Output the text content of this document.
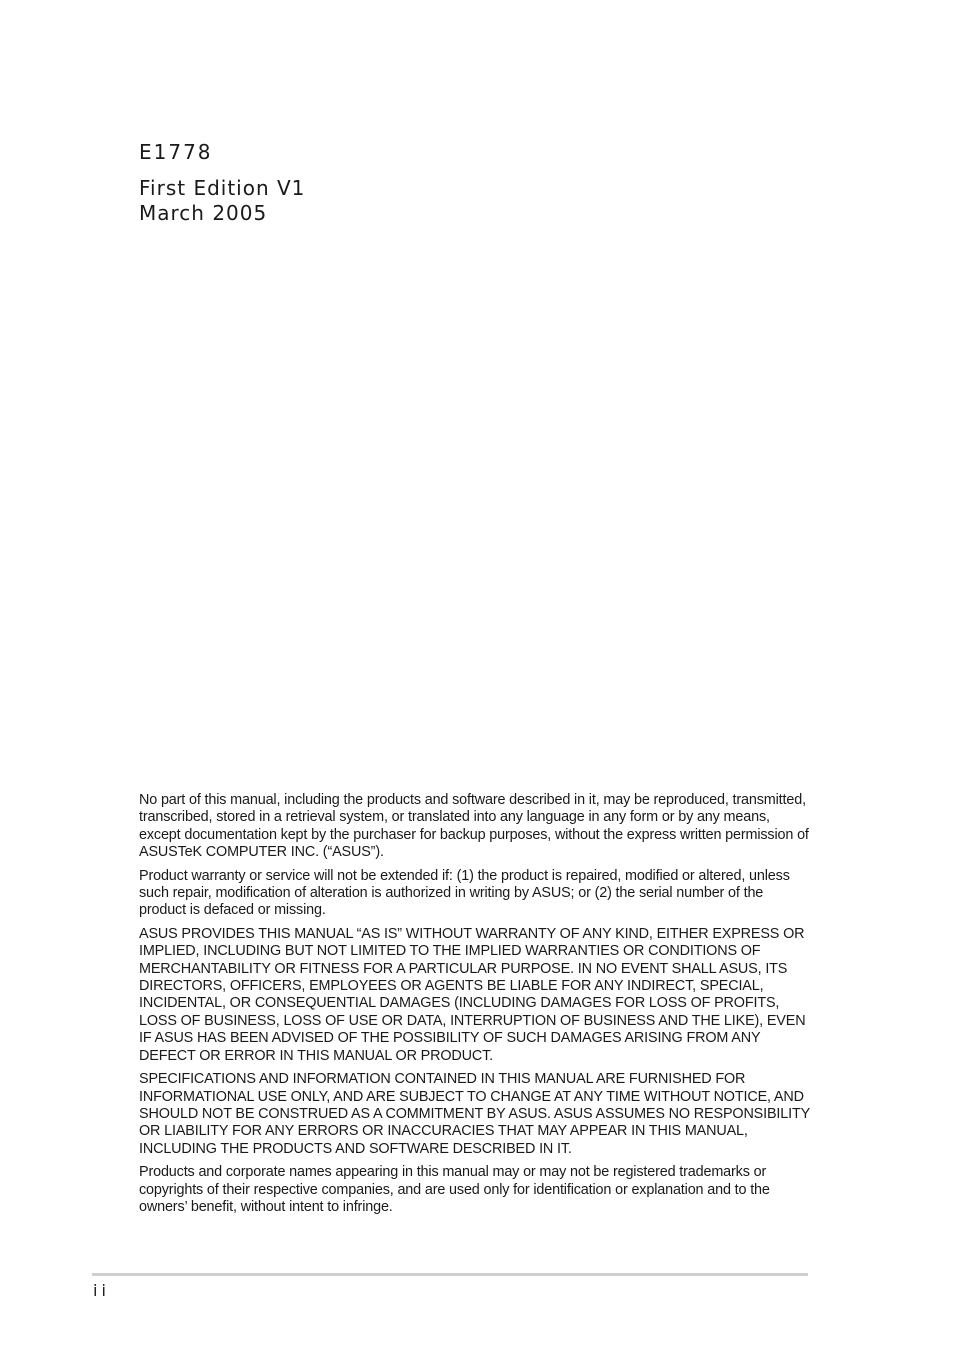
E1778
First Edition V1
March 2005

No part of this manual, including the products and software described in it, may be reproduced, transmitted, transcribed, stored in a retrieval system, or translated into any language in any form or by any means, except documentation kept by the purchaser for backup purposes, without the express written permission of ASUSTeK COMPUTER INC. (“ASUS”).

Product warranty or service will not be extended if: (1) the product is repaired, modified or altered, unless such repair, modification of alteration is authorized in writing by ASUS; or (2) the serial number of the product is defaced or missing.

ASUS PROVIDES THIS MANUAL “AS IS” WITHOUT WARRANTY OF ANY KIND, EITHER EXPRESS OR IMPLIED, INCLUDING BUT NOT LIMITED TO THE IMPLIED WARRANTIES OR CONDITIONS OF MERCHANTABILITY OR FITNESS FOR A PARTICULAR PURPOSE. IN NO EVENT SHALL ASUS, ITS DIRECTORS, OFFICERS, EMPLOYEES OR AGENTS BE LIABLE FOR ANY INDIRECT, SPECIAL, INCIDENTAL, OR CONSEQUENTIAL DAMAGES (INCLUDING DAMAGES FOR LOSS OF PROFITS, LOSS OF BUSINESS, LOSS OF USE OR DATA, INTERRUPTION OF BUSINESS AND THE LIKE), EVEN IF ASUS HAS BEEN ADVISED OF THE POSSIBILITY OF SUCH DAMAGES ARISING FROM ANY DEFECT OR ERROR IN THIS MANUAL OR PRODUCT.

SPECIFICATIONS AND INFORMATION CONTAINED IN THIS MANUAL ARE FURNISHED FOR INFORMATIONAL USE ONLY, AND ARE SUBJECT TO CHANGE AT ANY TIME WITHOUT NOTICE, AND SHOULD NOT BE CONSTRUED AS A COMMITMENT BY ASUS. ASUS ASSUMES NO RESPONSIBILITY OR LIABILITY FOR ANY ERRORS OR INACCURACIES THAT MAY APPEAR IN THIS MANUAL, INCLUDING THE PRODUCTS AND SOFTWARE DESCRIBED IN IT.

Products and corporate names appearing in this manual may or may not be registered trademarks or copyrights of their respective companies, and are used only for identification or explanation and to the owners’ benefit, without intent to infringe.

ii
